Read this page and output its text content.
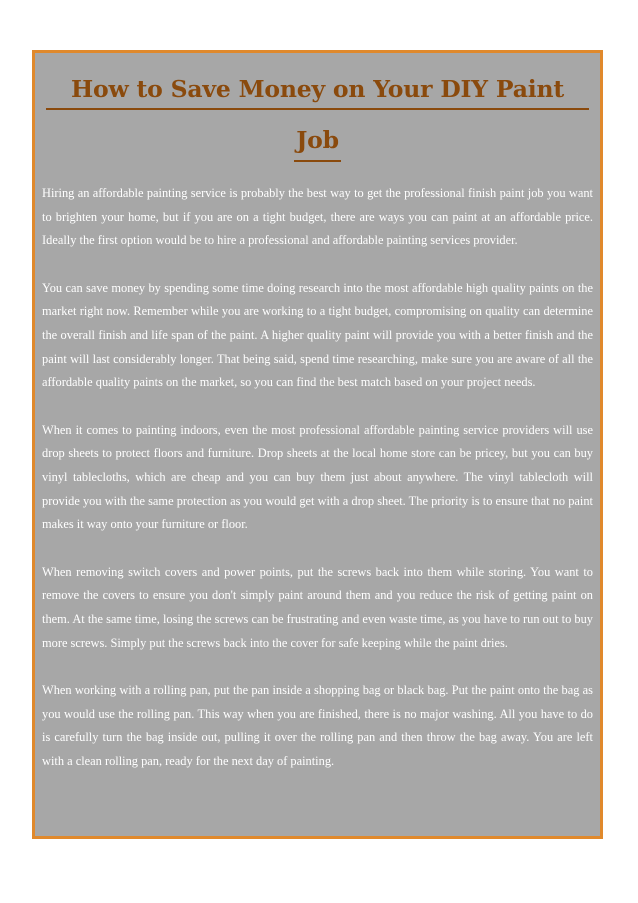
How to Save Money on Your DIY Paint
Job

Hiring an affordable painting service is probably the best way to get the professional finish paint job you want to brighten your home, but if you are on a tight budget, there are ways you can paint at an affordable price. Ideally the first option would be to hire a professional and affordable painting services provider.

You can save money by spending some time doing research into the most affordable high quality paints on the market right now. Remember while you are working to a tight budget, compromising on quality can determine the overall finish and life span of the paint. A higher quality paint will provide you with a better finish and the paint will last considerably longer. That being said, spend time researching, make sure you are aware of all the affordable quality paints on the market, so you can find the best match based on your project needs.

When it comes to painting indoors, even the most professional affordable painting service providers will use drop sheets to protect floors and furniture. Drop sheets at the local home store can be pricey, but you can buy vinyl tablecloths, which are cheap and you can buy them just about anywhere. The vinyl tablecloth will provide you with the same protection as you would get with a drop sheet. The priority is to ensure that no paint makes it way onto your furniture or floor.

When removing switch covers and power points, put the screws back into them while storing. You want to remove the covers to ensure you don't simply paint around them and you reduce the risk of getting paint on them. At the same time, losing the screws can be frustrating and even waste time, as you have to run out to buy more screws. Simply put the screws back into the cover for safe keeping while the paint dries.

When working with a rolling pan, put the pan inside a shopping bag or black bag. Put the paint onto the bag as you would use the rolling pan. This way when you are finished, there is no major washing. All you have to do is carefully turn the bag inside out, pulling it over the rolling pan and then throw the bag away. You are left with a clean rolling pan, ready for the next day of painting.
